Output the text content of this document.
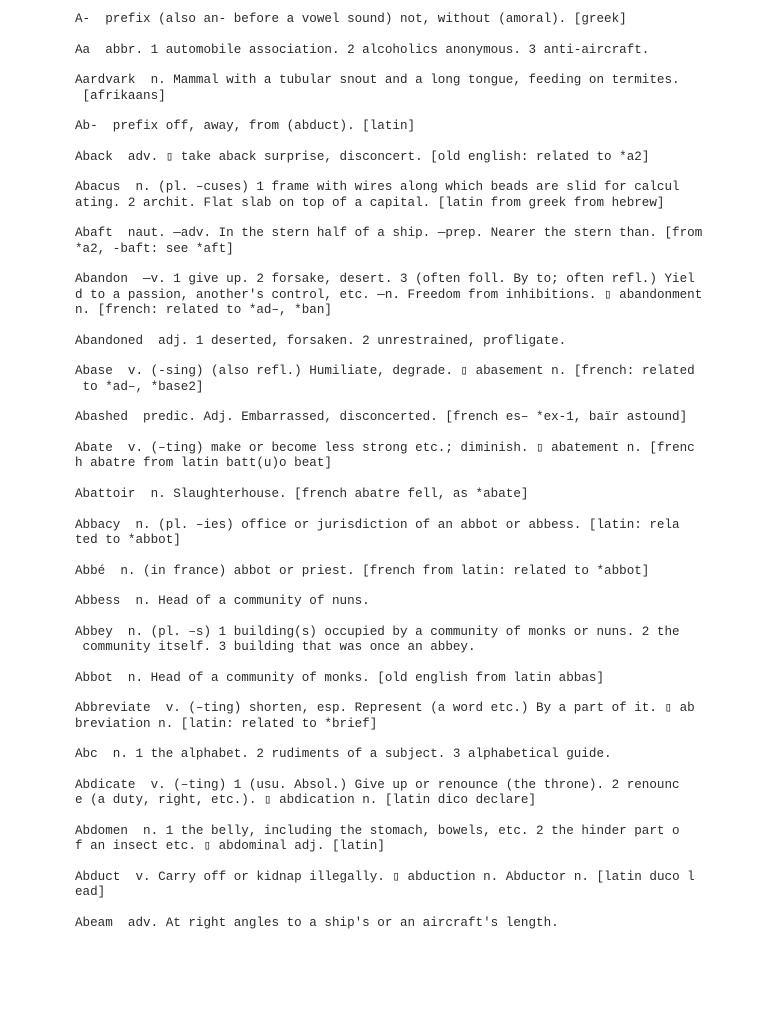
A-  prefix (also an- before a vowel sound) not, without (amoral). [greek]
Aa  abbr. 1 automobile association. 2 alcoholics anonymous. 3 anti-aircraft.
Aardvark  n. Mammal with a tubular snout and a long tongue, feeding on termites.
[afrikaans]
Ab-  prefix off, away, from (abduct). [latin]
Aback  adv. ▯ take aback surprise, disconcert. [old english: related to *a2]
Abacus  n. (pl. –cuses) 1 frame with wires along which beads are slid for calcul
ating. 2 archit. Flat slab on top of a capital. [latin from greek from hebrew]
Abaft  naut. —adv. In the stern half of a ship. —prep. Nearer the stern than. [from
*a2, -baft: see *aft]
Abandon  —v. 1 give up. 2 forsake, desert. 3 (often foll. By to; often refl.) Yiel
d to a passion, another's control, etc. —n. Freedom from inhibitions. ▯ abandonment
n. [french: related to *ad–, *ban]
Abandoned  adj. 1 deserted, forsaken. 2 unrestrained, profligate.
Abase  v. (-sing) (also refl.) Humiliate, degrade. ▯ abasement n. [french: related
to *ad–, *base2]
Abashed  predic. Adj. Embarrassed, disconcerted. [french es– *ex-1, baïr astound]
Abate  v. (–ting) make or become less strong etc.; diminish. ▯ abatement n. [frenc
h abatre from latin batt(u)o beat]
Abattoir  n. Slaughterhouse. [french abatre fell, as *abate]
Abbacy  n. (pl. –ies) office or jurisdiction of an abbot or abbess. [latin: rela
ted to *abbot]
Abbé  n. (in france) abbot or priest. [french from latin: related to *abbot]
Abbess  n. Head of a community of nuns.
Abbey  n. (pl. –s) 1 building(s) occupied by a community of monks or nuns. 2 the
community itself. 3 building that was once an abbey.
Abbot  n. Head of a community of monks. [old english from latin abbas]
Abbreviate  v. (–ting) shorten, esp. Represent (a word etc.) By a part of it. ▯ ab
breviation n. [latin: related to *brief]
Abc  n. 1 the alphabet. 2 rudiments of a subject. 3 alphabetical guide.
Abdicate  v. (–ting) 1 (usu. Absol.) Give up or renounce (the throne). 2 renounc
e (a duty, right, etc.). ▯ abdication n. [latin dico declare]
Abdomen  n. 1 the belly, including the stomach, bowels, etc. 2 the hinder part o
f an insect etc. ▯ abdominal adj. [latin]
Abduct  v. Carry off or kidnap illegally. ▯ abduction n. Abductor n. [latin duco l
ead]
Abeam  adv. At right angles to a ship's or an aircraft's length.
